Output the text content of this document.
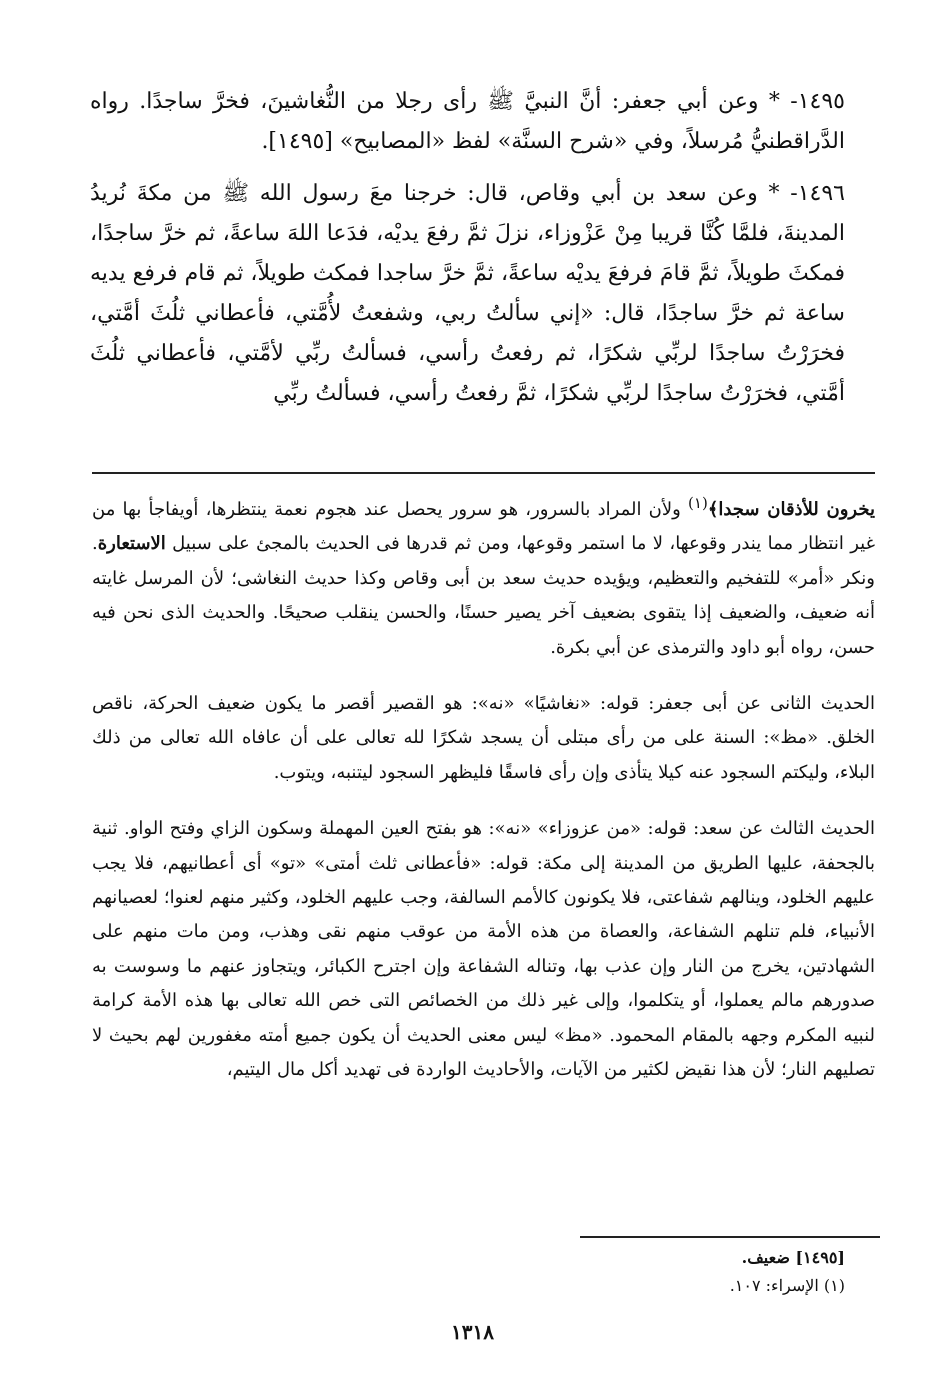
١٤٩٥- * وعن أبي جعفر: أنَّ النبيَّ ﷺ رأى رجلا من النُّغاشينَ، فخرَّ ساجدًا. رواه الدَّراقطنيُّ مُرسلاً، وفي «شرح السنَّة» لفظ «المصابيح» [١٤٩٥].

١٤٩٦- * وعن سعد بن أبي وقاص، قال: خرجنا معَ رسول الله ﷺ من مكةَ نُريدُ المدينةَ، فلمَّا كُنَّا قريبا مِنْ عَزْوزاء، نزلَ ثمَّ رفعَ يديْه، فدَعا اللهَ ساعةً، ثم خرَّ ساجدًا، فمكثَ طويلاً، ثمَّ قامَ فرفعَ يديْه ساعةً، ثمَّ خرَّ ساجدا فمكث طويلاً، ثم قام فرفع يديه ساعة ثم خرَّ ساجدًا، قال: «إني سألتُ ربي، وشفعتُ لأُمَّتي، فأعطاني ثلُثَ أمَّتي، فخرَرْتُ ساجدًا لربِّي شكرًا، ثم رفعتُ رأسي، فسألتُ ربِّي لأمَّتي، فأعطاني ثلُثَ أمَّتي، فخرَرْتُ ساجدًا لربِّي شكرًا، ثمَّ رفعتُ رأسي، فسألتُ ربِّي

يخرون للأذقان سجدا﴾$^{(١)}$ ولأن المراد بالسرور، هو سرور يحصل عند هجوم نعمة ينتظرها، أويفاجأ بها من غير انتظار مما يندر وقوعها، لا ما استمر وقوعها، ومن ثم قدرها فى الحديث بالمجئ على سبيل الاستعارة. ونكر «أمر» للتفخيم والتعظيم، ويؤيده حديث سعد بن أبى وقاص وكذا حديث النغاشى؛ لأن المرسل غايته أنه ضعيف، والضعيف إذا يتقوى بضعيف آخر يصير حسنًا، والحسن ينقلب صحيحًا. والحديث الذى نحن فيه حسن، رواه أبو داود والترمذى عن أبي بكرة.

الحديث الثانى عن أبى جعفر: قوله: «نغاشيًا» «نه»: هو القصير أقصر ما يكون ضعيف الحركة، ناقص الخلق. «مظ»: السنة على من رأى مبتلى أن يسجد شكرًا لله تعالى على أن عافاه الله تعالى من ذلك البلاء، وليكتم السجود عنه كيلا يتأذى وإن رأى فاسقًا فليظهر السجود ليتنبه، ويتوب.

الحديث الثالث عن سعد: قوله: «من عزوزاء» «نه»: هو بفتح العين المهملة وسكون الزاي وفتح الواو. ثنية بالجحفة، عليها الطريق من المدينة إلى مكة: قوله: «فأعطانى ثلث أمتى» «تو» أى أعطانيهم، فلا يجب عليهم الخلود، وينالهم شفاعتى، فلا يكونون كالأمم السالفة، وجب عليهم الخلود، وكثير منهم لعنوا؛ لعصيانهم الأنبياء، فلم تنلهم الشفاعة، والعصاة من هذه الأمة من عوقب منهم نقى وهذب، ومن مات منهم على الشهادتين، يخرج من النار وإن عذب بها، وتناله الشفاعة وإن اجترح الكبائر، ويتجاوز عنهم ما وسوست به صدورهم مالم يعملوا، أو يتكلموا، وإلى غير ذلك من الخصائص التى خص الله تعالى بها هذه الأمة كرامة لنبيه المكرم وجهه بالمقام المحمود. «مظ» ليس معنى الحديث أن يكون جميع أمته مغفورين لهم بحيث لا تصليهم النار؛ لأن هذا نقيض لكثير من الآيات، والأحاديث الواردة فى تهديد أكل مال اليتيم،

[١٤٩٥] ضعيف.
(١) الإسراء: ١٠٧.
١٣١٨
